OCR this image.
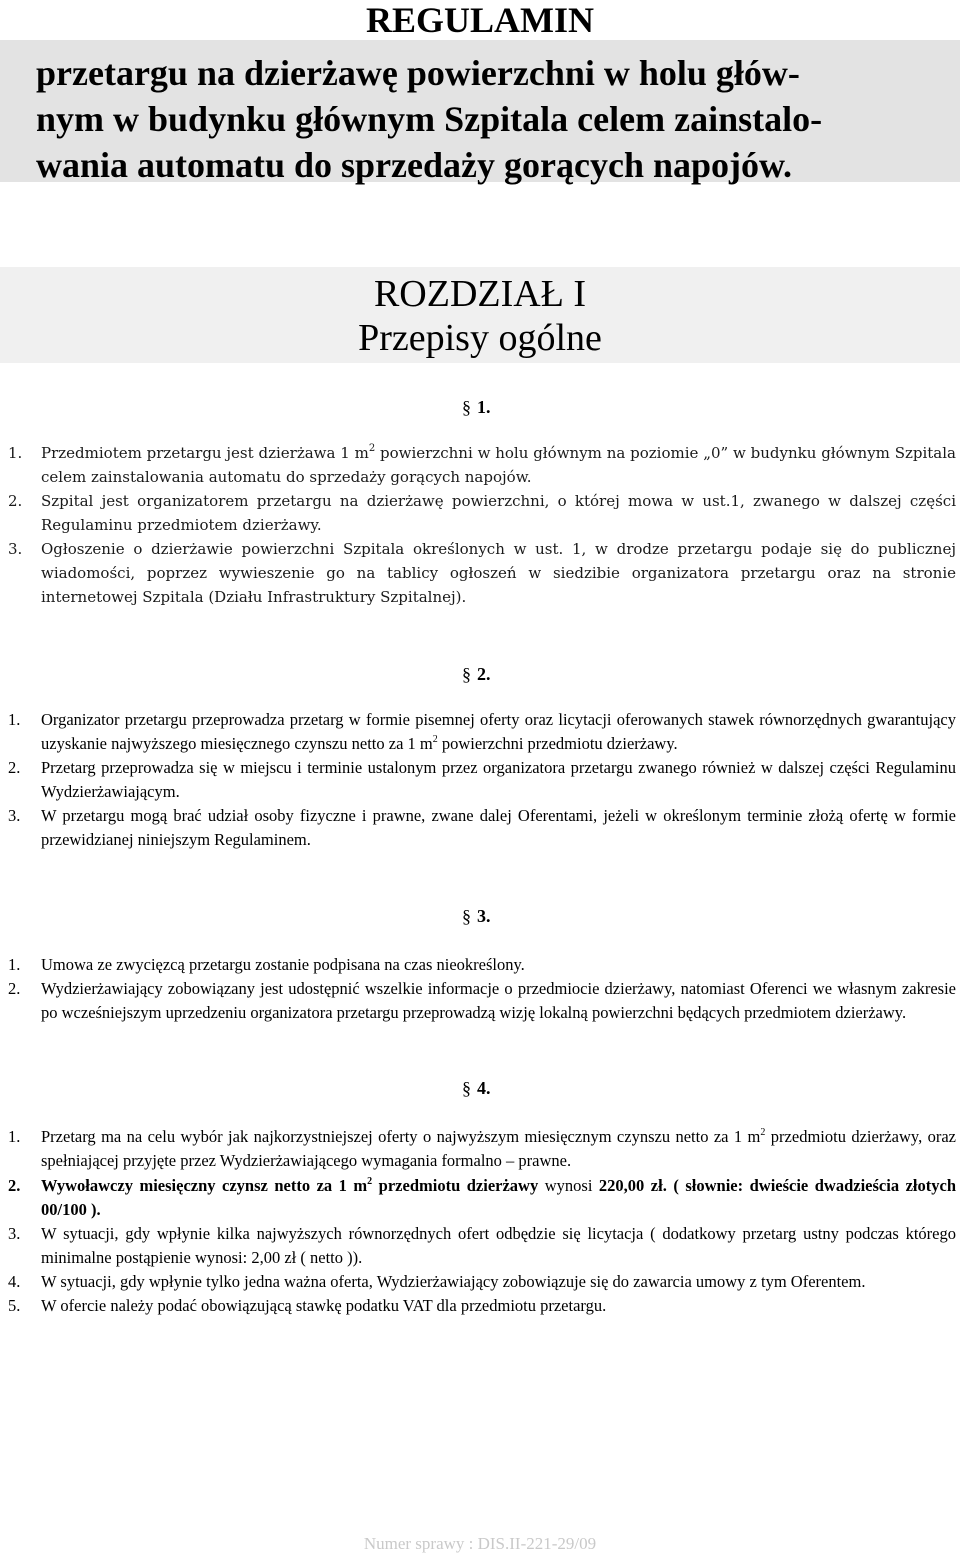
REGULAMIN
przetargu na dzierżawę powierzchni w holu głów-
nym w budynku głównym Szpitala celem zainstalo-
wania automatu do sprzedaży gorących napojów.
ROZDZIAŁ I
Przepisy ogólne
§ 1.
1. Przedmiotem przetargu jest dzierżawa 1 $m^2$ powierzchni w holu głównym na poziomie „0” w budynku głównym Szpitala celem zainstalowania automatu do sprzedaży gorących napojów.
2. Szpital jest organizatorem przetargu na dzierżawę powierzchni, o której mowa w ust.1, zwanego w dalszej części Regulaminu przedmiotem dzierżawy.
3. Ogłoszenie o dzierżawie powierzchni Szpitala określonych w ust. 1, w drodze przetargu podaje się do publicznej wiadomości, poprzez wywieszenie go na tablicy ogłoszeń w siedzibie organizatora przetargu oraz na stronie internetowej Szpitala (Działu Infrastruktury Szpitalnej).
§ 2.
1. Organizator przetargu przeprowadza przetarg w formie pisemnej oferty oraz licytacji oferowanych stawek równorzędnych gwarantujący uzyskanie najwyższego miesięcznego czynszu netto za 1 $m^2$ powierzchni przedmiotu dzierżawy.
2. Przetarg przeprowadza się w miejscu i terminie ustalonym przez organizatora przetargu zwanego również w dalszej części Regulaminu Wydzierżawiającym.
3. W przetargu mogą brać udział osoby fizyczne i prawne, zwane dalej Oferentami, jeżeli w określonym terminie złożą ofertę w formie przewidzianej niniejszym Regulaminem.
§ 3.
1. Umowa ze zwycięzcą przetargu zostanie podpisana na czas nieokreślony.
2. Wydzierżawiający zobowiązany jest udostępnić wszelkie informacje o przedmiocie dzierżawy, natomiast Oferenci we własnym zakresie po wcześniejszym uprzedzeniu organizatora przetargu przeprowadzą wizję lokalną powierzchni będących przedmiotem dzierżawy.
§ 4.
1. Przetarg ma na celu wybór jak najkorzystniejszej oferty o najwyższym miesięcznym czynszu netto za 1 $m^2$ przedmiotu dzierżawy, oraz spełniającej przyjęte przez Wydzierżawiającego wymagania formalno – prawne.
2. Wywoławczy miesięczny czynsz netto za 1 $m^2$ przedmiotu dzierżawy wynosi 220,00 zł. ( słownie: dwieście dwadzieścia złotych 00/100 ).
3. W sytuacji, gdy wpłynie kilka najwyższych równorzędnych ofert odbędzie się licytacja ( dodatkowy przetarg ustny podczas którego minimalne postąpienie wynosi: 2,00 zł ( netto )).
4. W sytuacji, gdy wpłynie tylko jedna ważna oferta, Wydzierżawiający zobowiązuje się do zawarcia umowy z tym Oferentem.
5. W ofercie należy podać obowiązującą stawkę podatku VAT dla przedmiotu przetargu.
Numer sprawy : DIS.II-221-29/09
